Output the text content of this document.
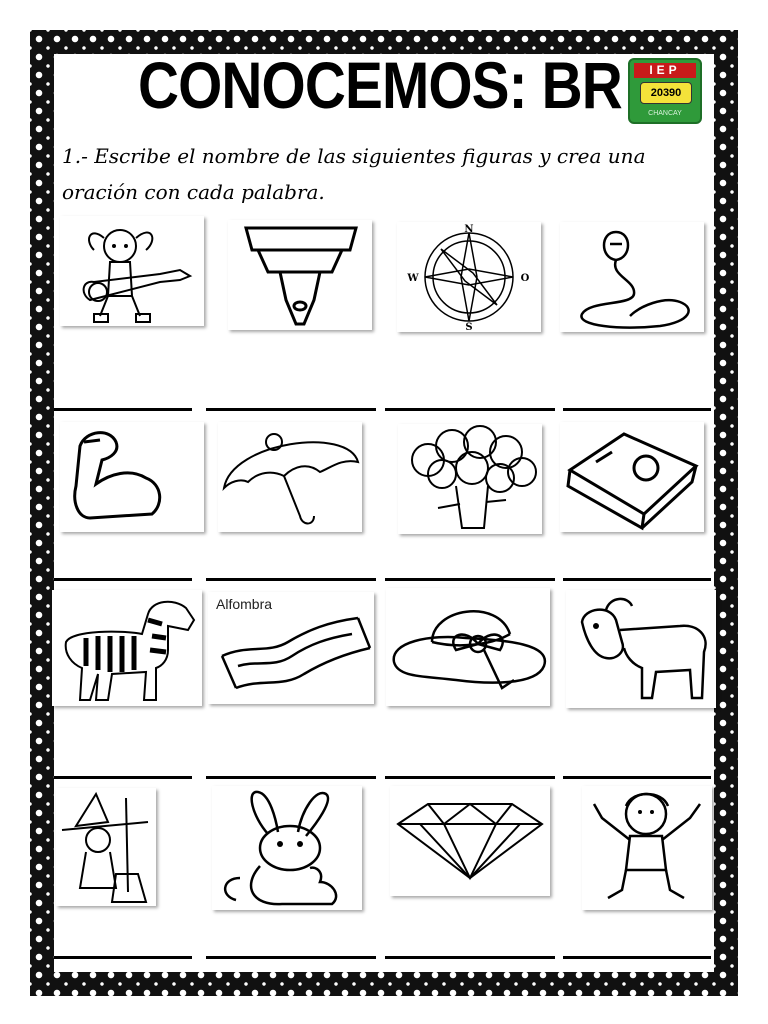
CONOCEMOS: BR	IEP
20390
CHANCAY

1.- Escribe el nombre de las siguientes figuras y crea una oración con cada palabra.

N
S
W	O
Alfombra
